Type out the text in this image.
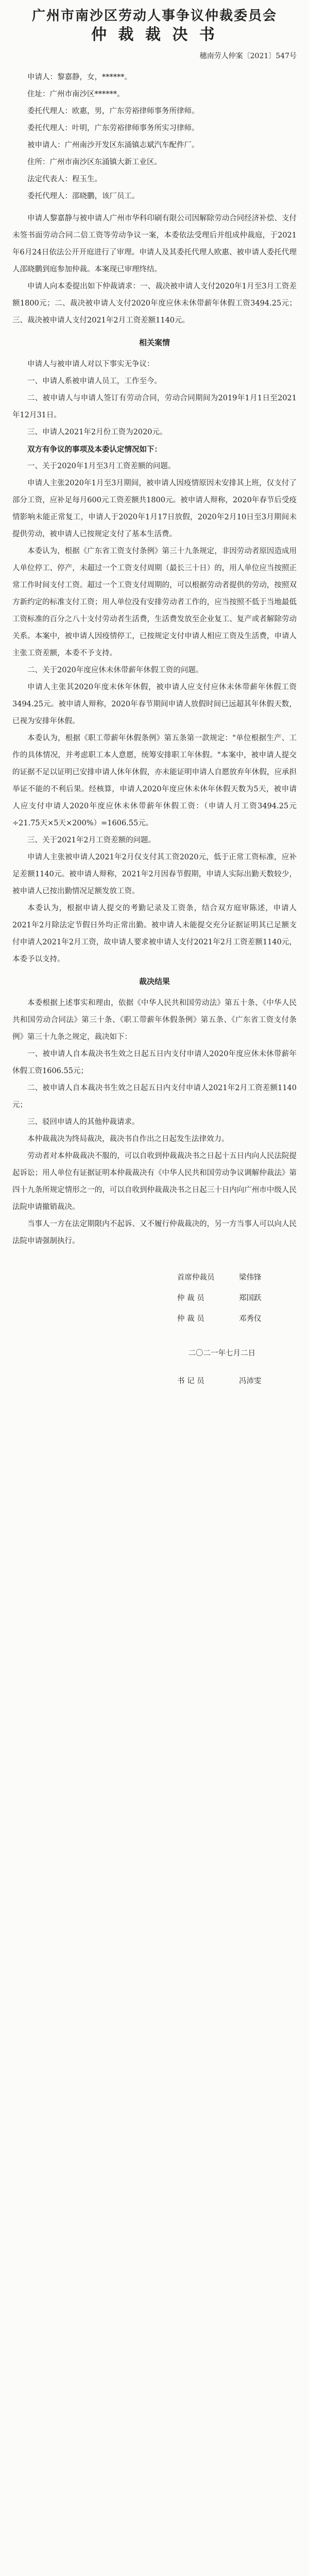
广州市南沙区劳动人事争议仲裁委员会
仲 裁 裁 决 书
穗南劳人仲案〔2021〕547号
申请人：黎嘉静，女，******。
住址：广州市南沙区******。
委托代理人：欧惠，男，广东劳裕律师事务所律师。
委托代理人：叶明，广东劳裕律师事务所实习律师。
被申请人：广州南沙开发区东涌镇志斌汽车配件厂。
住所：广州市南沙区东涌镇大新工业区。
法定代表人：程玉生。
委托代理人：邵晓鹏，该厂员工。

申请人黎嘉静与被申请人广州市华科印刷有限公司因解除劳动合同经济补偿、支付未签书面劳动合同二倍工资等劳动争议一案，本委依法受理后并组成仲裁庭，于2021年6月24日依法公开开庭进行了审理。申请人及其委托代理人欧惠、被申请人委托代理人邵晓鹏到庭参加仲裁。本案现已审理终结。

申请人向本委提出如下仲裁请求：一、裁决被申请人支付2020年1月至3月工资差额1800元；二、裁决被申请人支付2020年度应休未休带薪年休假工资3494.25元；三、裁决被申请人支付2021年2月工资差额1140元。

相关案情

申请人与被申请人对以下事实无争议：

一、申请人系被申请人员工，工作至今。

二、被申请人与申请人签订有劳动合同，劳动合同期间为2019年1月1日至2021年12月31日。

三、申请人2021年2月份工资为2020元。

双方有争议的事项及本委认定情况如下：

一、关于2020年1月至3月工资差额的问题。

申请人主张2020年1月至3月期间，被申请人因疫情原因未安排其上班，仅支付了部分工资，应补足每月600元工资差额共1800元。被申请人辩称，2020年春节后受疫情影响未能正常复工，申请人于2020年1月17日放假，2020年2月10日至3月期间未提供劳动，被申请人已按规定支付了基本生活费。

本委认为，根据《广东省工资支付条例》第三十九条规定，非因劳动者原因造成用人单位停工、停产，未超过一个工资支付周期（最长三十日）的，用人单位应当按照正常工作时间支付工资。超过一个工资支付周期的，可以根据劳动者提供的劳动，按照双方新约定的标准支付工资；用人单位没有安排劳动者工作的，应当按照不低于当地最低工资标准的百分之八十支付劳动者生活费，生活费发放至企业复工、复产或者解除劳动关系。本案中，被申请人因疫情停工，已按规定支付申请人相应工资及生活费，申请人主张工资差额，本委不予支持。

二、关于2020年度应休未休带薪年休假工资的问题。

申请人主张其2020年度未休年休假，被申请人应支付应休未休带薪年休假工资3494.25元。被申请人辩称，2020年春节期间申请人放假时间已远超其年休假天数，已视为安排年休假。

本委认为，根据《职工带薪年休假条例》第五条第一款规定："单位根据生产、工作的具体情况，并考虑职工本人意愿，统筹安排职工年休假。"本案中，被申请人提交的证据不足以证明已安排申请人休年休假，亦未能证明申请人自愿放弃年休假，应承担举证不能的不利后果。经核算，申请人2020年度应休未休年休假天数为5天，被申请人应支付申请人2020年度应休未休带薪年休假工资：（申请人月工资3494.25元÷21.75天×5天×200%）=1606.55元。

三、关于2021年2月工资差额的问题。

申请人主张被申请人2021年2月仅支付其工资2020元，低于正常工资标准，应补足差额1140元。被申请人辩称，2021年2月因春节假期，申请人实际出勤天数较少，被申请人已按出勤情况足额发放工资。

本委认为，根据申请人提交的考勤记录及工资条，结合双方庭审陈述，申请人2021年2月除法定节假日外均正常出勤。被申请人未能提交充分证据证明其已足额支付申请人2021年2月工资，故申请人要求被申请人支付2021年2月工资差额1140元，本委予以支持。

裁决结果

本委根据上述事实和理由，依据《中华人民共和国劳动法》第五十条、《中华人民共和国劳动合同法》第三十条、《职工带薪年休假条例》第五条、《广东省工资支付条例》第三十九条之规定，裁决如下：

一、被申请人自本裁决书生效之日起五日内支付申请人2020年度应休未休带薪年休假工资1606.55元；

二、被申请人自本裁决书生效之日起五日内支付申请人2021年2月工资差额1140元；

三、驳回申请人的其他仲裁请求。

本仲裁裁决为终局裁决，裁决书自作出之日起发生法律效力。

劳动者对本仲裁裁决不服的，可以自收到仲裁裁决书之日起十五日内向人民法院提起诉讼；用人单位有证据证明本仲裁裁决有《中华人民共和国劳动争议调解仲裁法》第四十九条所规定情形之一的，可以自收到仲裁裁决书之日起三十日内向广州市中级人民法院申请撤销裁决。

当事人一方在法定期限内不起诉、又不履行仲裁裁决的，另一方当事人可以向人民法院申请强制执行。

首席仲裁员	梁伟锋
仲 裁 员	郑国跃
仲 裁 员	邓秀仪
二〇二一年七月二日
书 记 员	冯沛雯
